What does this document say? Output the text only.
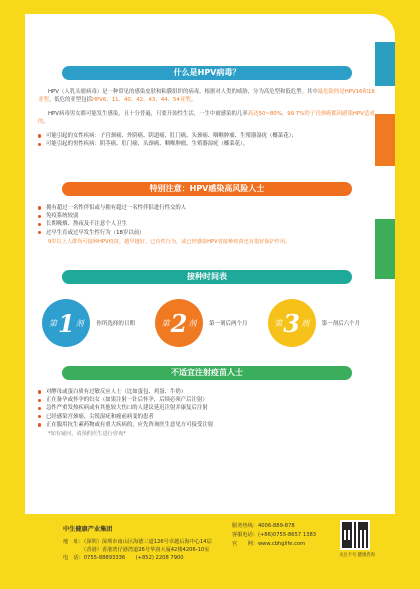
什么是HPV病毒？

HPV（人乳头瘤病毒）是一种常见的感染皮肤和粘膜组织的病毒，根据对人类的威胁，分为高危型和低危型。其中最危险的是HPV16和18亚型。低危的亚型包括HPV6、11、40、42、43、44、54亚型。

HPV病毒男女都可能发生感染，且十分普遍，只要开始性生活，一生中被感染的几率高达50~80%，99.7%的子宫颈癌都因感染HPV造成的。

可能引起的女性疾病：子宫颈癌、外阴癌、阴道癌、肛门癌、头颈癌、咽喉肿瘤、生殖器湿疣（椰菜花）；
可能引起的男性疾病：阴茎癌、肛门癌、头颈癌、咽喉肿瘤、生殖器湿疣（椰菜花）。
特别注意：HPV感染高风险人士
拥有超过一名性伴侣或与拥有超过一名性伴侣进行性交的人
免疫系统较弱
长期吸烟、熬夜及不注意个人卫生
过早生育或过早发生性行为（18岁以前）
9岁以上人群均可接种HPV疫苗，越早越好。已有性行为，或已经感染HPV者接种疫苗也有很好保护作用。
接种时间表
第 1 剂 你所选择的日期	第 2 剂 第一剂后两个月	第 3 剂 第一剂后六个月
不适宜注射疫苗人士
对酵母或蛋白质有过敏反应人士（比如蛋包、鸡蛋、牛奶）
正在备孕或怀孕的妇女（如果注射一针后怀孕，后续必须产后注射）
急性严重发热疾病或有其他较大伤口的人建议延迟注射并康复后注射
已经感染宫颈癌、尖锐湿疣和癌前病变的患者
正在服用抗生素药物或有重大疾病的，应先咨询医生意见方可接受注射
*如有疑问，请预约医生进行咨询*
中生健康产业集团
地　址：（深圳）深圳市南山区海德三道126号卓越后海中心14层
　　　　（香港）香港湾仔港湾道26号华润大厦42楼4206-10室
电　话：0755-88893336　　(+852) 2208 7900
服务热线：4006-889-878
客服电话：(+86)0755-8657 1383
官　　网：www.cbhglife.com
关注卡号 健康咨询
